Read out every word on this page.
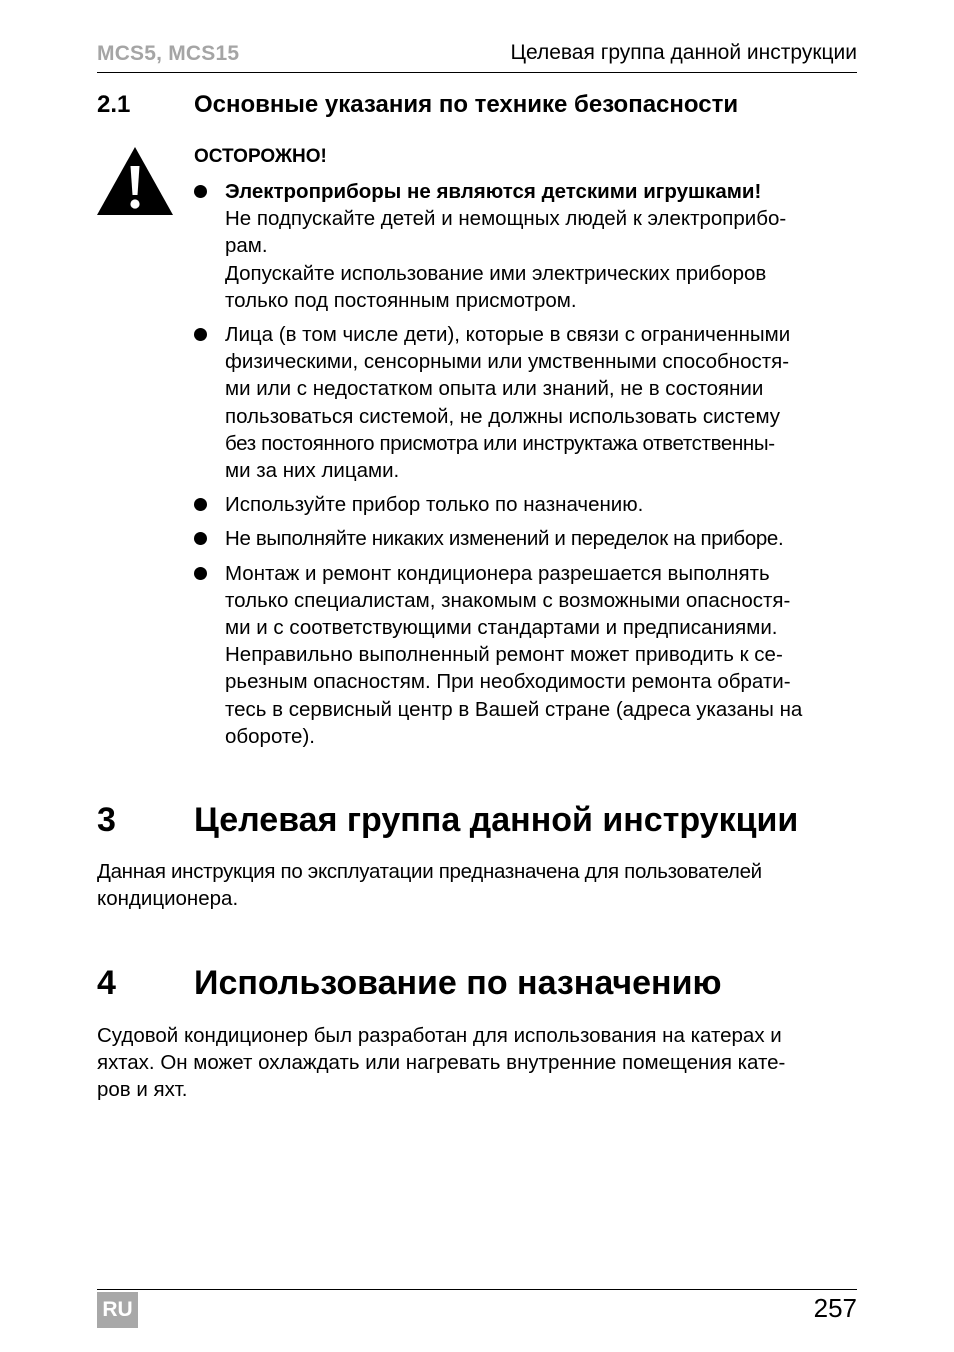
MCS5, MCS15	Целевая группа данной инструкции
2.1	Основные указания по технике безопасности
ОСТОРОЖНО!
Электроприборы не являются детскими игрушками!
Не подпускайте детей и немощных людей к электроприбо-
рам.
Допускайте использование ими электрических приборов
только под постоянным присмотром.
Лица (в том числе дети), которые в связи с ограниченными
физическими, сенсорными или умственными способностя-
ми или с недостатком опыта или знаний, не в состоянии
пользоваться системой, не должны использовать систему
без постоянного присмотра или инструктажа ответственны-
ми за них лицами.
Используйте прибор только по назначению.
Не выполняйте никаких изменений и переделок на приборе.
Монтаж и ремонт кондиционера разрешается выполнять
только специалистам, знакомым с возможными опасностя-
ми и с соответствующими стандартами и предписаниями.
Неправильно выполненный ремонт может приводить к се-
рьезным опасностям. При необходимости ремонта обрати-
тесь в сервисный центр в Вашей стране (адреса указаны на
обороте).
3 Целевая группа данной инструкции

Данная инструкция по эксплуатации предназначена для пользователей
кондиционера.

4 Использование по назначению

Судовой кондиционер был разработан для использования на катерах и
яхтах. Он может охлаждать или нагревать внутренние помещения кате-
ров и яхт.

RU	257
